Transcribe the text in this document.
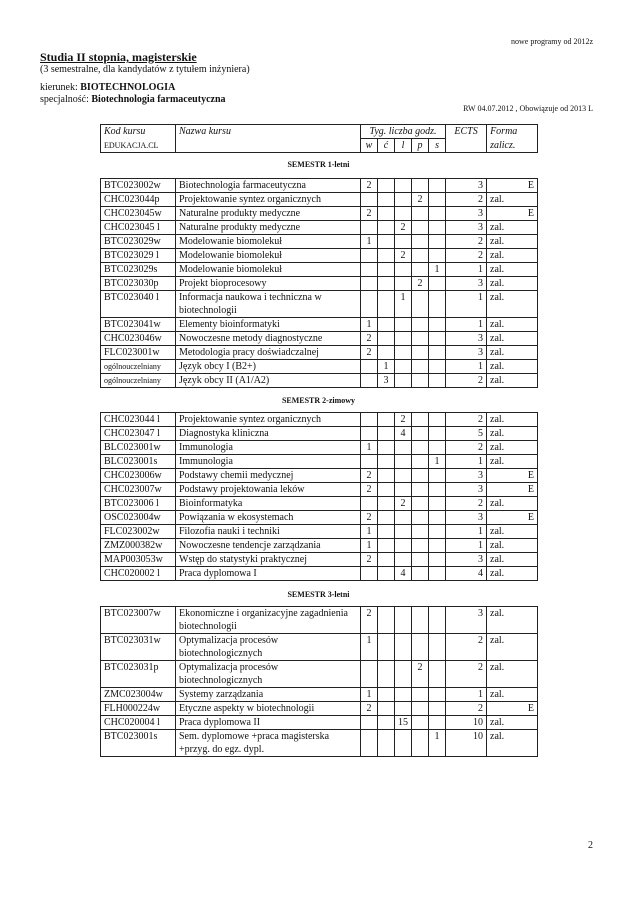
nowe programy od 2012z
Studia II stopnia, magisterskie
(3 semestralne, dla kandydatów z tytułem inżyniera)
kierunek: BIOTECHNOLOGIA
specjalność: Biotechnologia farmaceutyczna
RW 04.07.2012 , Obowiązuje od 2013 L
Kod kursu	Nazwa kursu	Tyg. liczba godz.					ECTS	Forma
EDUKACJA.CL		w	ć	l	p	s		zalicz.
SEMESTR 1-letni
BTC023002w	Biotechnologia farmaceutyczna	2					3	E
CHC023044p	Projektowanie syntez organicznych				2		2	zal.
CHC023045w	Naturalne produkty medyczne	2					3	E
CHC023045 l	Naturalne produkty medyczne			2			3	zal.
BTC023029w	Modelowanie biomolekuł	1					2	zal.
BTC023029 l	Modelowanie biomolekuł			2			2	zal.
BTC023029s	Modelowanie biomolekuł					1	1	zal.
BTC023030p	Projekt bioprocesowy				2		3	zal.
BTC023040 l	Informacja naukowa i techniczna w biotechnologii			1			1	zal.
BTC023041w	Elementy bioinformatyki	1					1	zal.
CHC023046w	Nowoczesne metody diagnostyczne	2					3	zal.
FLC023001w	Metodologia pracy doświadczalnej	2					3	zal.
ogólnouczelniany	Język obcy I (B2+)		1				1	zal.
ogólnouczelniany	Język obcy II (A1/A2)		3				2	zal.
SEMESTR 2-zimowy
CHC023044 l	Projektowanie syntez organicznych			2			2	zal.
CHC023047 l	Diagnostyka kliniczna			4			5	zal.
BLC023001w	Immunologia	1					2	zal.
BLC023001s	Immunologia					1	1	zal.
CHC023006w	Podstawy chemii medycznej	2					3	E
CHC023007w	Podstawy projektowania leków	2					3	E
BTC023006 l	Bioinformatyka			2			2	zal.
OSC023004w	Powiązania w ekosystemach	2					3	E
FLC023002w	Filozofia nauki i techniki	1					1	zal.
ZMZ000382w	Nowoczesne tendencje zarządzania	1					1	zal.
MAP003053w	Wstęp do statystyki praktycznej	2					3	zal.
CHC020002 l	Praca dyplomowa I			4			4	zal.
SEMESTR 3-letni
BTC023007w	Ekonomiczne i organizacyjne zagadnienia biotechnologii	2					3	zal.
BTC023031w	Optymalizacja procesów biotechnologicznych	1					2	zal.
BTC023031p	Optymalizacja procesów biotechnologicznych				2		2	zal.
ZMC023004w	Systemy zarządzania	1					1	zal.
FLH000224w	Etyczne aspekty w biotechnologii	2					2	E
CHC020004 l	Praca dyplomowa II			15			10	zal.
BTC023001s	Sem. dyplomowe +praca magisterska +przyg. do egz. dypl.					1	10	zal.
2
